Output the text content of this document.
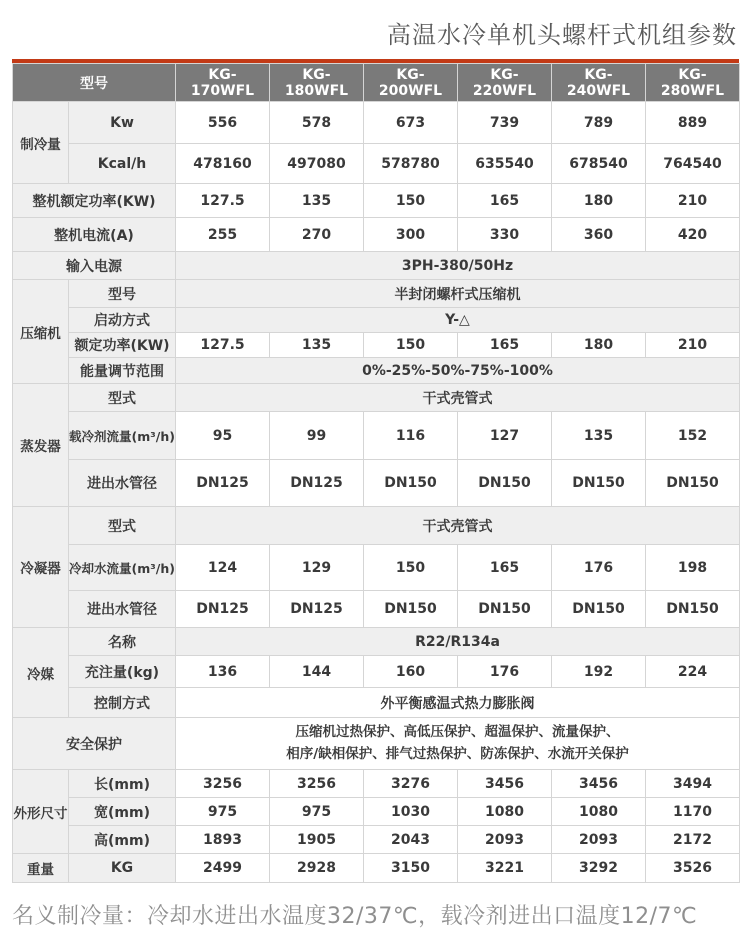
高温水冷单机头螺杆式机组参数
型号		KG-170WFL	KG-180WFL	KG-200WFL	KG-220WFL	KG-240WFL	KG-280WFL
制冷量	Kw	556	578	673	739	789	889
	Kcal/h	478160	497080	578780	635540	678540	764540
整机额定功率(KW)		127.5	135	150	165	180	210
整机电流(A)		255	270	300	330	360	420
输入电源		3PH-380/50Hz					
压缩机	型号	半封闭螺杆式压缩机					
	启动方式	Y-△					
	额定功率(KW)	127.5	135	150	165	180	210
	能量调节范围	0%-25%-50%-75%-100%					
蒸发器	型式	干式壳管式					
	载冷剂流量(m³/h)	95	99	116	127	135	152
	进出水管径	DN125	DN125	DN150	DN150	DN150	DN150
冷凝器	型式	干式壳管式					
	冷却水流量(m³/h)	124	129	150	165	176	198
	进出水管径	DN125	DN125	DN150	DN150	DN150	DN150
冷媒	名称	R22/R134a					
	充注量(kg)	136	144	160	176	192	224
	控制方式	外平衡感温式热力膨胀阀					
安全保护		压缩机过热保护、高低压保护、超温保护、流量保护、
相序/缺相保护、排气过热保护、防冻保护、水流开关保护					

外形尺寸	长(mm)	3256	3256	3276	3456	3456	3494
	宽(mm)	975	975	1030	1080	1080	1170
	高(mm)	1893	1905	2043	2093	2093	2172
重量	KG	2499	2928	3150	3221	3292	3526
名义制冷量：冷却水进出水温度32/37℃，载冷剂进出口温度12/7℃
